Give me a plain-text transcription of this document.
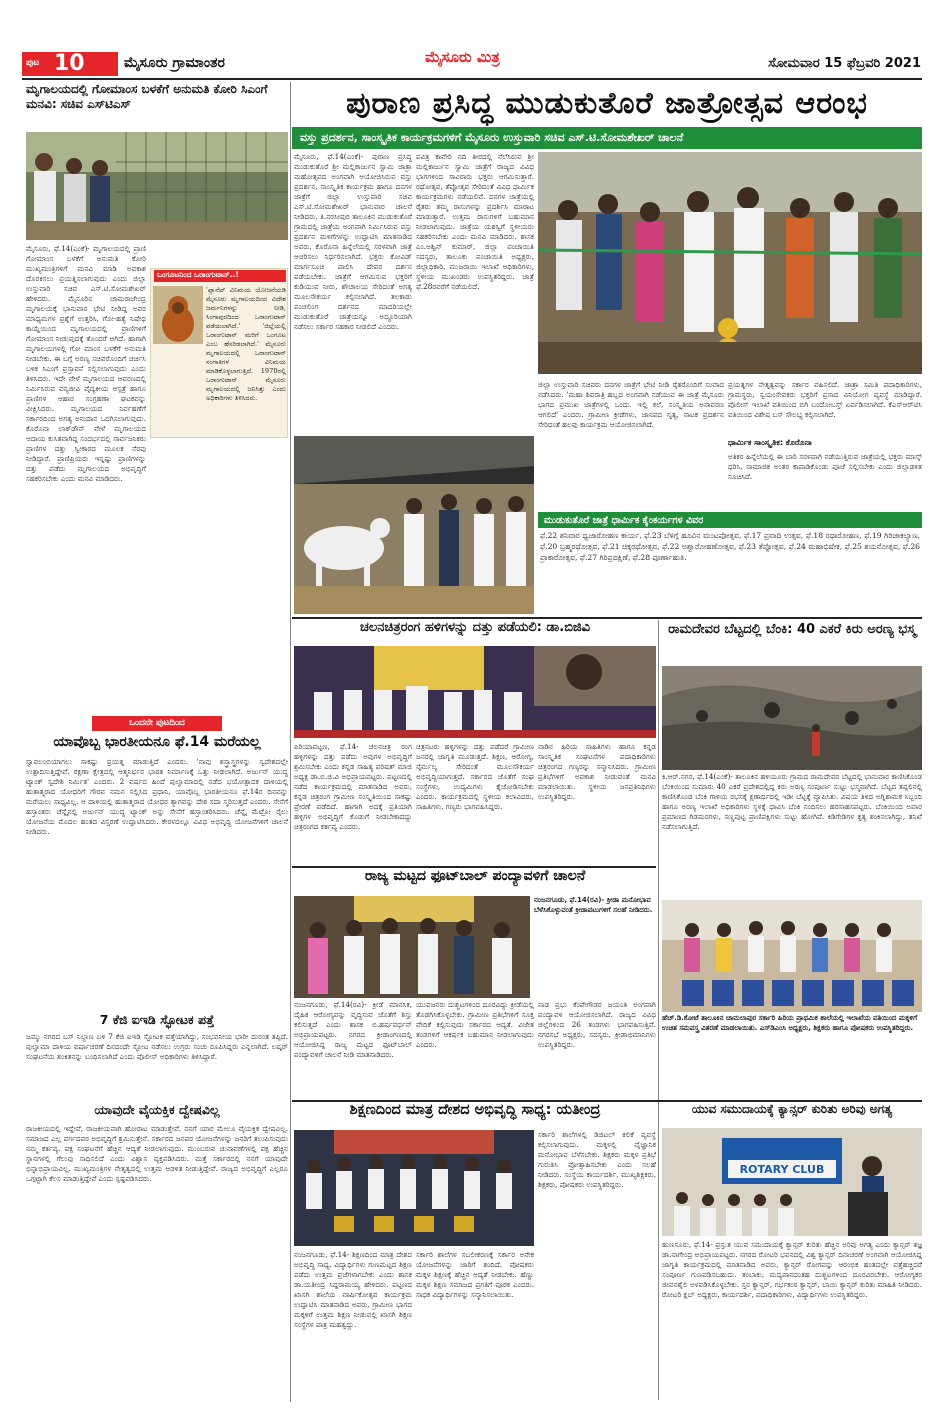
ಪುಟ 10	ಮೈಸೂರು ಗ್ರಾಮಾಂತರ	ಮೈಸೂರು ಮಿತ್ರ	ಸೋಮವಾರ 15 ಫೆಬ್ರವರಿ 2021
ಮೃಗಾಲಯದಲ್ಲಿ ಗೋಮಾಂಸ ಬಳಕೆಗೆ ಅನುಮತಿ ಕೋರಿ ಸಿಎಂಗೆ ಮನವಿ: ಸಚಿವ ಎಸ್‌ಟಿಎಸ್
ಮೈಸೂರು, ಫೆ.14(ಎಂಕೆ)- ಮೃಗಾಲಯದಲ್ಲಿ ಪ್ರಾಣಿ ಗೋಮಾಂಸ ಬಳಕೆಗೆ ಅನುಮತಿ ಕೋರಿ ಮುಖ್ಯಮಂತ್ರಿಗಳಿಗೆ ಮನವಿ ಮಾಡಿ ಅವಕಾಶ ದೊರಕಿಸಲು ಪ್ರಯತ್ನಿಸಲಾಗುವುದು ಎಂದು ಜಿಲ್ಲಾ ಉಸ್ತುವಾರಿ ಸಚಿವ ಎಸ್.ಟಿ.ಸೋಮಶೇಖರ್ ಹೇಳಿದರು. ಮೈಸೂರಿನ ಚಾಮರಾಜೇಂದ್ರ ಮೃಗಾಲಯಕ್ಕೆ ಭಾನುವಾರ ಭೇಟಿ ನೀಡಿದ್ದ ಅವರ ಮಾಧ್ಯಮಗಳ ಪ್ರಶ್ನೆಗೆ ಉತ್ತರಿಸಿ, ಗೋ-ಹತ್ಯೆ ನಿಷೇಧ ಕಾಯ್ದೆಯಿಂದ ಮೃಗಾಲಯದಲ್ಲಿ ಪ್ರಾಣಿಗಳಿಗೆ ಗೋಮಾಂಸ ನೀಡುವುದಕ್ಕೆ ತೊಂದರೆ ಆಗಿದೆ. ಹಾಗಾಗಿ ಮೃಗಾಲಯಗಳಲ್ಲಿ ಗೋ ಮಾಂಸ ಬಳಕೆಗೆ ಅನುಮತಿ ನೀಡಬೇಕು. ಈ ಬಗ್ಗೆ ಅರಣ್ಯ ಸಚಿವರೊಂದಿಗೆ ಚರ್ಚಿಸಿ ಬಳಿಕ ಸಿಎಂಗೆ ಪ್ರಸ್ತಾವನೆ ಸಲ್ಲಿಸಲಾಗುವುದು ಎಂದು ತಿಳಿಸಿದರು. ಇದೇ ವೇಳೆ ಮೃಗಾಲಯದ ಆವರಣದಲ್ಲಿ ನಿರ್ಮಿಸಿರುವ ವನ್ಯಜೀವಿ ವೈದ್ಯಕೀಯ ಆಸ್ಪತ್ರೆ ಹಾಗೂ ಪ್ರಾಣಿಗಳ ಆಹಾರ ಸಂಗ್ರಹಣಾ ಘಟಕವನ್ನು ವೀಕ್ಷಿಸಿದರು. ಮೃಗಾಲಯದ ನಿರ್ವಹಣೆಗೆ ಸರ್ಕಾರದಿಂದ ಅಗತ್ಯ ಅನುದಾನ ಒದಗಿಸಲಾಗುವುದು. ಕೊರೊನಾ ಲಾಕ್‌ಡೌನ್ ವೇಳೆ ಮೃಗಾಲಯದ ಆದಾಯ ಕುಸಿತವಾಗಿದ್ದ ಸಂದರ್ಭದಲ್ಲಿ ಸಾರ್ವಜನಿಕರು ಪ್ರಾಣಿಗಳ ದತ್ತು ಸ್ವೀಕಾರದ ಮೂಲಕ ನೆರವು ನೀಡಿದ್ದಾರೆ. ಪ್ರಾಣಿಪ್ರಿಯರು ಇನ್ನಷ್ಟು ಪ್ರಾಣಿಗಳನ್ನು ದತ್ತು ಪಡೆದು ಮೃಗಾಲಯದ ಅಭಿವೃದ್ಧಿಗೆ ಸಹಕರಿಸಬೇಕು ಎಂದು ಮನವಿ ಮಾಡಿದರು.
ಒಂಗೂಟನಿಂದ ಒರಾಂಗುಟಾನ್..!
'ಪ್ಲಾನೆಟ್ ವಿನಿಮಯ ಯೋಜನೆಯಡಿ ಮೈಸೂರು ಮೃಗಾಲಯದಿಂದ ವಿದೇಶ ಜರ್ಮನಿಗಳನ್ನು ನೀಡಿ, ಸಿಂಗಾಪುರದಿಂದ ಒರಾಂಗುಟಾನ್ ಪಡೆಯಲಾಗಿದೆ.' 'ಜಿಲ್ಲೆಯಲ್ಲಿ ಒರಾಂಗುಟಾನ್ ಮರಿಗೆ ಒಂಗೂಟ ಎಂಬ ಹೆಸರಿಡಲಾಗಿದೆ.' ಮೈಸೂರು ಮೃಗಾಲಯದಲ್ಲಿ ಒರಾಂಗುಟಾನ್ ಸಂಗಾತಿಗಳ ವಿನಿಮಯ ಮಾಡಿಕೊಳ್ಳಲಾಗುತ್ತಿದೆ. 1970ರಲ್ಲಿ ಒರಾಂಗುಟಾನ್ ಮೈಸೂರು ಮೃಗಾಲಯದಲ್ಲಿ ಜನಿಸಿತ್ತು ಎಂದು ಅಧಿಕಾರಿಗಳು ತಿಳಿಸಿದರು.
ಒಂದನೇ ಪುಟದಿಂದ
ಯಾವೊಬ್ಬ ಭಾರತೀಯನೂ ಫೆ.14 ಮರೆಯಲ್ಲ
ಸ್ವಾವಲಂಬಿಯಾಗಲು ಸಾಕಷ್ಟು ಪ್ರಯತ್ನ ಮಾಡುತ್ತಿದೆ ಎಂದರು. 'ನಾವು ಶಸ್ತ್ರಾಸ್ತ್ರಗಳನ್ನು ಸ್ವದೇಶದಲ್ಲೇ ಉತ್ಪಾದಿಸುತ್ತಿದ್ದೇವೆ. ರಕ್ಷಣಾ ಕ್ಷೇತ್ರದಲ್ಲಿ ಆತ್ಮನಿರ್ಭರ ಭಾರತ ನಿರ್ಮಾಣಕ್ಕೆ ಒತ್ತು ನೀಡಲಾಗಿದೆ. ಅರ್ಜುನ್ ಯುದ್ಧ ಟ್ಯಾಂಕ್ ಸ್ವದೇಶಿ ನಿರ್ಮಿತ' ಎಂದರು. 2 ವರ್ಷದ ಹಿಂದೆ ಪುಲ್ವಾಮಾದಲ್ಲಿ ನಡೆದ ಭಯೋತ್ಪಾದಕ ದಾಳಿಯಲ್ಲಿ ಹುತಾತ್ಮರಾದ ಯೋಧರಿಗೆ ಗೌರವ ನಮನ ಸಲ್ಲಿಸಿದ ಪ್ರಧಾನಿ, ಯಾವೊಬ್ಬ ಭಾರತೀಯನೂ ಫೆ.14ರ ದಿನವನ್ನು ಮರೆಯಲು ಸಾಧ್ಯವಿಲ್ಲ. ಆ ದಾಳಿಯಲ್ಲಿ ಹುತಾತ್ಮರಾದ ಯೋಧರ ತ್ಯಾಗವನ್ನು ದೇಶ ಸದಾ ಸ್ಮರಿಸುತ್ತದೆ ಎಂದರು. ಸೇನೆಗೆ ಹಸ್ತಾಂತರ: ಚೆನ್ನೈನಲ್ಲಿ ಅರ್ಜುನ್ ಯುದ್ಧ ಟ್ಯಾಂಕ್ ಅನ್ನು ಸೇನೆಗೆ ಹಸ್ತಾಂತರಿಸಿದರು. ಚೆನ್ನೈ ಮೆಟ್ರೋ ರೈಲು ಯೋಜನೆಯ ಮೊದಲ ಹಂತದ ವಿಸ್ತರಣೆ ಉದ್ಘಾಟಿಸಿದರು. ಕೇರಳದಲ್ಲೂ ವಿವಿಧ ಅಭಿವೃದ್ಧಿ ಯೋಜನೆಗಳಿಗೆ ಚಾಲನೆ ನೀಡಿದರು.
7 ಕೆಜಿ ಐಇಡಿ ಸ್ಫೋಟಕ ಪತ್ತೆ
ಜಮ್ಮು ನಗರದ ಬಸ್ ನಿಲ್ದಾಣ ಬಳಿ 7 ಕೆಜಿ ಐಇಡಿ ಸ್ಫೋಟಕ ಪತ್ತೆಯಾಗಿದ್ದು, ಸಂಭವನೀಯ ಭಾರೀ ದುರಂತ ತಪ್ಪಿದೆ. ಪುಲ್ವಾಮಾ ದಾಳಿಯ ವರ್ಷಾಚರಣೆ ದಿನದಂದೇ ಸ್ಫೋಟ ನಡೆಸಲು ಉಗ್ರರು ಸಂಚು ರೂಪಿಸಿದ್ದರು ಎನ್ನಲಾಗಿದೆ. ಲಷ್ಕರ್ ಸಂಘಟನೆಯ ಶಂಕಿತನನ್ನು ಬಂಧಿಸಲಾಗಿದೆ ಎಂದು ಪೊಲೀಸ್ ಅಧಿಕಾರಿಗಳು ತಿಳಿಸಿದ್ದಾರೆ.
ಯಾವುದೇ ವೈಯಕ್ತಿಕ ದ್ವೇಷವಿಲ್ಲ
ರಾಜಕೀಯದಲ್ಲಿ ಇದ್ದೇವೆ, ರಾಜಕೀಯವಾಗಿ ಹೋರಾಟ ಮಾಡುತ್ತೇವೆ. ನನಗೆ ಯಾರ ಮೇಲೂ ವೈಯಕ್ತಿಕ ದ್ವೇಷವಿಲ್ಲ. ಸಮಾಜದ ಎಲ್ಲ ವರ್ಗದವರ ಅಭಿವೃದ್ಧಿಗೆ ಶ್ರಮಿಸುತ್ತೇನೆ. ಸರ್ಕಾರದ ಜನಪರ ಯೋಜನೆಗಳನ್ನು ಜನರಿಗೆ ತಲುಪಿಸುವುದು ನಮ್ಮ ಕರ್ತವ್ಯ. ಪಕ್ಷ ಸಂಘಟನೆಗೆ ಹೆಚ್ಚಿನ ಆದ್ಯತೆ ನೀಡಲಾಗುವುದು. ಮುಂಬರುವ ಚುನಾವಣೆಗಳಲ್ಲಿ ಪಕ್ಷ ಹೆಚ್ಚಿನ ಸ್ಥಾನಗಳಲ್ಲಿ ಗೆಲುವು ಸಾಧಿಸಲಿದೆ ಎಂದು ವಿಶ್ವಾಸ ವ್ಯಕ್ತಪಡಿಸಿದರು. ಮತ್ತೆ ಸರ್ಕಾರದಲ್ಲಿ ನನಗೆ ಯಾವುದೇ ಭಿನ್ನಾಭಿಪ್ರಾಯವಿಲ್ಲ. ಮುಖ್ಯಮಂತ್ರಿಗಳ ನೇತೃತ್ವದಲ್ಲಿ ಉತ್ತಮ ಆಡಳಿತ ನೀಡುತ್ತಿದ್ದೇವೆ. ರಾಜ್ಯದ ಅಭಿವೃದ್ಧಿಗೆ ಎಲ್ಲರೂ ಒಗ್ಗಟ್ಟಾಗಿ ಕೆಲಸ ಮಾಡುತ್ತಿದ್ದೇವೆ ಎಂದು ಸ್ಪಷ್ಟಪಡಿಸಿದರು.
ಪುರಾಣ ಪ್ರಸಿದ್ಧ ಮುಡುಕುತೊರೆ ಜಾತ್ರೋತ್ಸವ ಆರಂಭ
ವಸ್ತು ಪ್ರದರ್ಶನ, ಸಾಂಸ್ಕೃತಿಕ ಕಾರ್ಯಕ್ರಮಗಳಿಗೆ ಮೈಸೂರು ಉಸ್ತುವಾರಿ ಸಚಿವ ಎಸ್.ಟಿ.ಸೋಮಶೇಖರ್ ಚಾಲನೆ
ಮೈಸೂರು, ಫೆ.14(ಎಂಕೆ)- ಪುರಾಣ ಪ್ರಸಿದ್ಧ ಮುಡುಕುತೊರೆ ಶ್ರೀ ಮಲ್ಲಿಕಾರ್ಜುನ ಸ್ವಾಮಿ ಜಾತ್ರಾ ಮಹೋತ್ಸವದ ಅಂಗವಾಗಿ ಆಯೋಜಿಸಿರುವ ವಸ್ತು ಪ್ರದರ್ಶನ, ಸಾಂಸ್ಕೃತಿಕ ಕಾರ್ಯಕ್ರಮ ಹಾಗೂ ದನಗಳ ಜಾತ್ರೆಗೆ ಜಿಲ್ಲಾ ಉಸ್ತುವಾರಿ ಸಚಿವ ಎಸ್.ಟಿ.ಸೋಮಶೇಖರ್ ಭಾನುವಾರ ಚಾಲನೆ ನೀಡಿದರು. ತಿ.ನರಸೀಪುರ ತಾಲೂಕಿನ ಮುಡುಕುತೊರೆ ಗ್ರಾಮದಲ್ಲಿ ಜಾತ್ರೆಯ ಅಂಗವಾಗಿ ನಿರ್ಮಿಸಿರುವ ವಸ್ತು ಪ್ರದರ್ಶನ ಮಳಿಗೆಗಳನ್ನು ಉದ್ಘಾಟಿಸಿ ಮಾತನಾಡಿದ ಅವರು, ಕೊರೊನಾ ಹಿನ್ನೆಲೆಯಲ್ಲಿ ಸರಳವಾಗಿ ಜಾತ್ರೆ ಆಚರಿಸಲು ನಿರ್ಧರಿಸಲಾಗಿದೆ. ಭಕ್ತರು ಕೋವಿಡ್ ಮಾರ್ಗಸೂಚಿ ಪಾಲಿಸಿ ದೇವರ ದರ್ಶನ ಪಡೆಯಬೇಕು. ಜಾತ್ರೆಗೆ ಆಗಮಿಸುವ ಭಕ್ತರಿಗೆ ಕುಡಿಯುವ ನೀರು, ಶೌಚಾಲಯ ಸೇರಿದಂತೆ ಅಗತ್ಯ ಮೂಲಸೌಕರ್ಯ ಕಲ್ಪಿಸಲಾಗಿದೆ. ತಲಕಾಡು ಪಂಚಲಿಂಗ ದರ್ಶನದ ಮಾದರಿಯಲ್ಲೇ ಮುಡುಕುತೊರೆ ಜಾತ್ರೆಯನ್ನೂ ಅದ್ದೂರಿಯಾಗಿ ನಡೆಸಲು ಸರ್ಕಾರ ಸಹಕಾರ ನೀಡಲಿದೆ ಎಂದರು.
ಪವಿತ್ರ ಕಾವೇರಿ ನದಿ ತೀರದಲ್ಲಿ ನೆಲೆಸಿರುವ ಶ್ರೀ ಮಲ್ಲಿಕಾರ್ಜುನ ಸ್ವಾಮಿ ಜಾತ್ರೆಗೆ ರಾಜ್ಯದ ವಿವಿಧ ಭಾಗಗಳಿಂದ ಸಾವಿರಾರು ಭಕ್ತರು ಆಗಮಿಸುತ್ತಾರೆ. ರಥೋತ್ಸವ, ತೆಪ್ಪೋತ್ಸವ ಸೇರಿದಂತೆ ವಿವಿಧ ಧಾರ್ಮಿಕ ಕಾರ್ಯಕ್ರಮಗಳು ನಡೆಯಲಿವೆ. ದನಗಳ ಜಾತ್ರೆಯಲ್ಲಿ ರೈತರು ತಮ್ಮ ರಾಸುಗಳನ್ನು ಪ್ರದರ್ಶಿಸಿ ಮಾರಾಟ ಮಾಡುತ್ತಾರೆ. ಉತ್ತಮ ರಾಸುಗಳಿಗೆ ಬಹುಮಾನ ನೀಡಲಾಗುವುದು. ಜಾತ್ರೆಯ ಯಶಸ್ವಿಗೆ ಸ್ಥಳೀಯರು ಸಹಕರಿಸಬೇಕು ಎಂದು ಮನವಿ ಮಾಡಿದರು. ಶಾಸಕ ಎಂ.ಅಶ್ವಿನ್ ಕುಮಾರ್, ಜಿಲ್ಲಾ ಪಂಚಾಯಿತಿ ಸದಸ್ಯರು, ತಾಲೂಕು ಪಂಚಾಯಿತಿ ಅಧ್ಯಕ್ಷರು, ಜಿಲ್ಲಾಧಿಕಾರಿ, ಮುಜರಾಯಿ ಇಲಾಖೆ ಅಧಿಕಾರಿಗಳು, ಸ್ಥಳೀಯ ಮುಖಂಡರು ಉಪಸ್ಥಿತರಿದ್ದರು. ಜಾತ್ರೆ ಫೆ.28ರವರೆಗೆ ನಡೆಯಲಿದೆ.
ಜಿಲ್ಲಾ ಉಸ್ತುವಾರಿ ಸಚಿವರು ದನಗಳ ಜಾತ್ರೆಗೆ ಭೇಟಿ ನೀಡಿ ರೈತರೊಂದಿಗೆ ಸಂವಾದ ನಡೆಸಿದರು. 'ಮಹಾ ಶಿವರಾತ್ರಿ ಹಬ್ಬದ ಅಂಗವಾಗಿ ನಡೆಯುವ ಈ ಜಾತ್ರೆ ಮೈಸೂರು ಭಾಗದ ಪ್ರಮುಖ ಜಾತ್ರೆಗಳಲ್ಲಿ ಒಂದು. ಇಲ್ಲಿ ಕಲೆ, ಸಂಸ್ಕೃತಿಯ ಅನಾವರಣ ಆಗಲಿದೆ' ಎಂದರು. ಗ್ರಾಮೀಣ ಕ್ರೀಡೆಗಳು, ಜಾನಪದ ನೃತ್ಯ, ನಾಟಕ ಪ್ರದರ್ಶನ ಸೇರಿದಂತೆ ಹಲವು ಕಾರ್ಯಕ್ರಮ ಆಯೋಜಿಸಲಾಗಿದೆ.
ಪ್ರಯತ್ನಗಳ ನೇತೃತ್ವವನ್ನು ಸರ್ಕಾರ ವಹಿಸಲಿದೆ. ಜಾತ್ರಾ ಸಮಿತಿ ಪದಾಧಿಕಾರಿಗಳು, ಗ್ರಾಮಸ್ಥರು, ಸ್ವಯಂಸೇವಕರು ಭಕ್ತರಿಗೆ ಪ್ರಸಾದ ವಿನಿಯೋಗ ವ್ಯವಸ್ಥೆ ಮಾಡಿದ್ದಾರೆ. ಪೊಲೀಸ್ ಇಲಾಖೆ ವತಿಯಿಂದ ಬಿಗಿ ಬಂದೋಬಸ್ತ್ ಏರ್ಪಡಿಸಲಾಗಿದೆ. ಕೆಎಸ್‌ಆರ್‌ಟಿಸಿ ವತಿಯಿಂದ ವಿಶೇಷ ಬಸ್ ಸೌಲಭ್ಯ ಕಲ್ಪಿಸಲಾಗಿದೆ.
ಧಾರ್ಮಿಕ ಸಾಂಸ್ಕೃತಿಕ: ಕೊರೊನಾ
ಅತಿಕರ ಹಿನ್ನೆಲೆಯಲ್ಲಿ ಈ ಬಾರಿ ಸರಳವಾಗಿ ನಡೆಯುತ್ತಿರುವ ಜಾತ್ರೆಯಲ್ಲಿ ಭಕ್ತರು ಮಾಸ್ಕ್ ಧರಿಸಿ, ಸಾಮಾಜಿಕ ಅಂತರ ಕಾಪಾಡಿಕೊಂಡು ಪೂಜೆ ಸಲ್ಲಿಸಬೇಕು ಎಂದು ಜಿಲ್ಲಾಡಳಿತ ಸೂಚಿಸಿದೆ.
ಮುಡುಕುತೊರೆ ಜಾತ್ರೆ ಧಾರ್ಮಿಕ ಕೈಂಕರ್ಯಗಳ ವಿವರ
ಫೆ.22 ಶನಿವಾರ ಧ್ವಜಾರೋಹಣ ಕಾರ್ಯ, ಫೆ.23 ಬೆಳಿಗ್ಗೆ ಹೂವಿನ ಮಂಟಪೋತ್ಸವ, ಫೆ.17 ಪ್ರವಾದಿ ಉತ್ಸವ, ಫೆ.18 ರಥಾರೋಹಣ, ಫೆ.19 ಗಿರಿಜಾಕಲ್ಯಾಣ, ಫೆ.20 ಬ್ರಹ್ಮರಥೋತ್ಸವ, ಫೆ.21 ಚಿಕ್ಕರಥೋತ್ಸವ, ಫೆ.22 ಅಶ್ವಾರೋಹಣೋತ್ಸವ, ಫೆ.23 ತೆಪ್ಪೋತ್ಸವ, ಫೆ.24 ಮಹಾಭಿಷೇಕ, ಫೆ.25 ಶಯನೋತ್ಸವ, ಫೆ.26 ಪ್ರಾಕಾರೋತ್ಸವ, ಫೆ.27 ಗಿರಿಪ್ರದಕ್ಷಿಣೆ, ಫೆ.28 ಪೂರ್ಣಾಹುತಿ.
ಚಲನಚಿತ್ರರಂಗ ಹಳಿಗಳನ್ನು ದತ್ತು ಪಡೆಯಲಿ: ಡಾ.ಬಿಜಿವಿ
ಪಿರಿಯಾಪಟ್ಟಣ, ಫೆ.14- ಚಲನಚಿತ್ರ ರಂಗ ಹಳ್ಳಿಗಳನ್ನು ದತ್ತು ಪಡೆದು ಅವುಗಳ ಅಭಿವೃದ್ಧಿಗೆ ಶ್ರಮಿಸಬೇಕು ಎಂದು ಕನ್ನಡ ಸಾಹಿತ್ಯ ಪರಿಷತ್ ಮಾಜಿ ಅಧ್ಯಕ್ಷ ಡಾ.ಬಿ.ಜಿ.ವಿ ಅಭಿಪ್ರಾಯಪಟ್ಟರು. ಪಟ್ಟಣದಲ್ಲಿ ನಡೆದ ಕಾರ್ಯಕ್ರಮದಲ್ಲಿ ಮಾತನಾಡಿದ ಅವರು, ಕನ್ನಡ ಚಿತ್ರರಂಗ ಗ್ರಾಮೀಣ ಸಂಸ್ಕೃತಿಯಿಂದ ಸಾಕಷ್ಟು ಪ್ರೇರಣೆ ಪಡೆದಿದೆ. ಹಾಗಾಗಿ ಅದಕ್ಕೆ ಪ್ರತಿಯಾಗಿ ಹಳ್ಳಿಗಳ ಅಭಿವೃದ್ಧಿಗೆ ಕೊಡುಗೆ ನೀಡಬೇಕಾದದ್ದು ಚಿತ್ರರಂಗದ ಕರ್ತವ್ಯ ಎಂದರು.
ಚಿತ್ರನಟರು ಹಳ್ಳಿಗಳನ್ನು ದತ್ತು ಪಡೆದರೆ ಗ್ರಾಮೀಣ ಜನರಲ್ಲಿ ಜಾಗೃತಿ ಮೂಡುತ್ತದೆ. ಶಿಕ್ಷಣ, ಆರೋಗ್ಯ, ನೈರ್ಮಲ್ಯ ಸೇರಿದಂತೆ ಮೂಲಸೌಕರ್ಯ ಅಭಿವೃದ್ಧಿಯಾಗುತ್ತದೆ. ಸರ್ಕಾರದ ಜೊತೆಗೆ ಸಂಘ ಸಂಸ್ಥೆಗಳು, ಉದ್ಯಮಿಗಳು ಕೈಜೋಡಿಸಬೇಕು ಎಂದರು. ಕಾರ್ಯಕ್ರಮದಲ್ಲಿ ಸ್ಥಳೀಯ ಕಲಾವಿದರು, ಸಾಹಿತಿಗಳು, ಗಣ್ಯರು ಭಾಗವಹಿಸಿದ್ದರು.
ನಾಡಿನ ಹಿರಿಯ ಸಾಹಿತಿಗಳು ಹಾಗೂ ಕನ್ನಡ ಸಾಂಸ್ಕೃತಿಕ ಸಂಘಟನೆಗಳ ಪದಾಧಿಕಾರಿಗಳು ಚಿತ್ರರಂಗದ ಗಣ್ಯರನ್ನು ಸನ್ಮಾನಿಸಿದರು. ಗ್ರಾಮೀಣ ಪ್ರತಿಭೆಗಳಿಗೆ ಅವಕಾಶ ನೀಡುವಂತೆ ಮನವಿ ಮಾಡಲಾಯಿತು. ಸ್ಥಳೀಯ ಜನಪ್ರತಿನಿಧಿಗಳು ಉಪಸ್ಥಿತರಿದ್ದರು.
ರಾಮದೇವರ ಬೆಟ್ಟದಲ್ಲಿ ಬೆಂಕಿ: 40 ಎಕರೆ ಕಿರು ಅರಣ್ಯ ಭಸ್ಮ
ಕಿ.ಆರ್.ನಗರ, ಫೆ.14(ಎಂಕೆ)- ತಾಲೂಕಿನ ಹಳಿಯೂರು ಗ್ರಾಮದ ರಾಮದೇವರ ಬೆಟ್ಟದಲ್ಲಿ ಭಾನುವಾರ ಕಾಣಿಸಿಕೊಂಡ ಬೆಂಕಿಯಿಂದ ಸುಮಾರು 40 ಎಕರೆ ಪ್ರದೇಶದಲ್ಲಿದ್ದ ಕಿರು ಅರಣ್ಯ ಸಂಪೂರ್ಣ ಸುಟ್ಟು ಭಸ್ಮವಾಗಿದೆ. ಬೆಟ್ಟದ ತಪ್ಪಲಿನಲ್ಲಿ ಕಾಣಿಸಿಕೊಂಡ ಬೆಂಕಿ ಗಾಳಿಯ ರಭಸಕ್ಕೆ ಕ್ಷಣಾರ್ಧದಲ್ಲಿ ಇಡೀ ಬೆಟ್ಟಕ್ಕೆ ವ್ಯಾಪಿಸಿತು. ವಿಷಯ ತಿಳಿದ ಅಗ್ನಿಶಾಮಕ ಸಿಬ್ಬಂದಿ ಹಾಗೂ ಅರಣ್ಯ ಇಲಾಖೆ ಅಧಿಕಾರಿಗಳು ಸ್ಥಳಕ್ಕೆ ಧಾವಿಸಿ ಬೆಂಕಿ ನಂದಿಸಲು ಹರಸಾಹಸಪಟ್ಟರು. ಬೆಂಕಿಯಿಂದ ಅಪಾರ ಪ್ರಮಾಣದ ಗಿಡಮರಗಳು, ಸಣ್ಣಪುಟ್ಟ ಪ್ರಾಣಿಪಕ್ಷಿಗಳು ಸುಟ್ಟು ಹೋಗಿವೆ. ಕಿಡಿಗೇಡಿಗಳ ಕೃತ್ಯ ಶಂಕಿಸಲಾಗಿದ್ದು, ತನಿಖೆ ನಡೆಸಲಾಗುತ್ತಿದೆ.
ಹೆಚ್.ಡಿ.ಕೋಟೆ ತಾಲೂಕಿನ ಚಾಮಲಾಪುರ ಸರ್ಕಾರಿ ಹಿರಿಯ ಪ್ರಾಥಮಿಕ ಶಾಲೆಯಲ್ಲಿ ಇಲಾಖೆಯ ವತಿಯಿಂದ ಮಕ್ಕಳಿಗೆ ಉಚಿತ ಸಮವಸ್ತ್ರ ವಿತರಣೆ ಮಾಡಲಾಯಿತು. ಎಸ್‌ಡಿಎಂಸಿ ಅಧ್ಯಕ್ಷರು, ಶಿಕ್ಷಕರು ಹಾಗೂ ಪೋಷಕರು ಉಪಸ್ಥಿತರಿದ್ದರು.
ರಾಜ್ಯ ಮಟ್ಟದ ಫೂಟ್‌ಬಾಲ್ ಪಂದ್ಯಾವಳಿಗೆ ಚಾಲನೆ
ನಂಜನಗೂಡು, ಫೆ.14(ರವಿ)- ಕ್ರೀಡಾ ಮನೋಭಾವ ಬೆಳೆಸಿಕೊಳ್ಳುವಂತೆ ಕ್ರೀಡಾಪಟುಗಳಿಗೆ ಸಲಹೆ ನೀಡಿದರು.
ನಂಜನಗೂಡು, ಫೆ.14(ರವಿ)- ಕ್ರೀಡೆ ಮಾನಸಿಕ, ದೈಹಿಕ ಆರೋಗ್ಯವನ್ನು ವೃದ್ಧಿಸುವ ಜೊತೆಗೆ ಶಿಸ್ತು ಕಲಿಸುತ್ತದೆ ಎಂದು ಶಾಸಕ ಬಿ.ಹರ್ಷವರ್ಧನ್ ಅಭಿಪ್ರಾಯಪಟ್ಟರು. ನಗರದ ಕ್ರೀಡಾಂಗಣದಲ್ಲಿ ಆಯೋಜಿಸಿದ್ದ ರಾಜ್ಯ ಮಟ್ಟದ ಫೂಟ್‌ಬಾಲ್ ಪಂದ್ಯಾವಳಿಗೆ ಚಾಲನೆ ನೀಡಿ ಮಾತನಾಡಿದರು.
ಯುವಜನರು ದುಶ್ಚಟಗಳಿಂದ ದೂರವಿದ್ದು ಕ್ರೀಡೆಯಲ್ಲಿ ತೊಡಗಿಸಿಕೊಳ್ಳಬೇಕು. ಗ್ರಾಮೀಣ ಪ್ರತಿಭೆಗಳಿಗೆ ಸೂಕ್ತ ವೇದಿಕೆ ಕಲ್ಪಿಸುವುದು ಸರ್ಕಾರದ ಆದ್ಯತೆ. ವಿಜೇತ ತಂಡಗಳಿಗೆ ಆಕರ್ಷಕ ಬಹುಮಾನ ನೀಡಲಾಗುವುದು ಎಂದರು.
ನಾಡ ಪ್ರಭು ಕೆಂಪೇಗೌಡರ ಜಯಂತಿ ಅಂಗವಾಗಿ ಪಂದ್ಯಾವಳಿ ಆಯೋಜಿಸಲಾಗಿದೆ. ರಾಜ್ಯದ ವಿವಿಧ ಜಿಲ್ಲೆಗಳಿಂದ 26 ತಂಡಗಳು ಭಾಗವಹಿಸುತ್ತಿವೆ. ನಗರಸಭೆ ಅಧ್ಯಕ್ಷರು, ಸದಸ್ಯರು, ಕ್ರೀಡಾಭಿಮಾನಿಗಳು ಉಪಸ್ಥಿತರಿದ್ದರು.
ಶಿಕ್ಷಣದಿಂದ ಮಾತ್ರ ದೇಶದ ಅಭಿವೃದ್ಧಿ ಸಾಧ್ಯ: ಯತೀಂದ್ರ
ನಂಜನಗೂಡು, ಫೆ.14- ಶಿಕ್ಷಣದಿಂದ ಮಾತ್ರ ದೇಶದ ಅಭಿವೃದ್ಧಿ ಸಾಧ್ಯ. ವಿದ್ಯಾರ್ಥಿಗಳು ಗುಣಮಟ್ಟದ ಶಿಕ್ಷಣ ಪಡೆದು ಉತ್ತಮ ಪ್ರಜೆಗಳಾಗಬೇಕು ಎಂದು ಶಾಸಕ ಡಾ.ಯತೀಂದ್ರ ಸಿದ್ದರಾಮಯ್ಯ ಹೇಳಿದರು. ಪಟ್ಟಣದ ಖಾಸಗಿ ಶಾಲೆಯ ವಾರ್ಷಿಕೋತ್ಸವ ಕಾರ್ಯಕ್ರಮ ಉದ್ಘಾಟಿಸಿ ಮಾತನಾಡಿದ ಅವರು, ಗ್ರಾಮೀಣ ಭಾಗದ ಮಕ್ಕಳಿಗೆ ಉತ್ತಮ ಶಿಕ್ಷಣ ನೀಡುವಲ್ಲಿ ಖಾಸಗಿ ಶಿಕ್ಷಣ ಸಂಸ್ಥೆಗಳ ಪಾತ್ರ ಮಹತ್ವದ್ದು.
ಸರ್ಕಾರಿ ಶಾಲೆಗಳ ಸಬಲೀಕರಣಕ್ಕೆ ಸರ್ಕಾರ ಅನೇಕ ಯೋಜನೆಗಳನ್ನು ಜಾರಿಗೆ ತಂದಿದೆ. ಪೋಷಕರು ಮಕ್ಕಳ ಶಿಕ್ಷಣಕ್ಕೆ ಹೆಚ್ಚಿನ ಆದ್ಯತೆ ನೀಡಬೇಕು. ಹೆಣ್ಣು ಮಕ್ಕಳ ಶಿಕ್ಷಣ ಸಮಾಜದ ಪ್ರಗತಿಗೆ ಪೂರಕ ಎಂದರು. ಸಾಧಕ ವಿದ್ಯಾರ್ಥಿಗಳನ್ನು ಸನ್ಮಾನಿಸಲಾಯಿತು.
ಸರ್ಕಾರಿ ಶಾಲೆಗಳಲ್ಲಿ ಡಿಜಿಟಲ್ ಕಲಿಕೆ ವ್ಯವಸ್ಥೆ ಕಲ್ಪಿಸಲಾಗುವುದು. ಮಕ್ಕಳಲ್ಲಿ ವೈಜ್ಞಾನಿಕ ಮನೋಭಾವ ಬೆಳೆಸಬೇಕು. ಶಿಕ್ಷಕರು ಮಕ್ಕಳ ಪ್ರತಿಭೆ ಗುರುತಿಸಿ ಪ್ರೋತ್ಸಾಹಿಸಬೇಕು ಎಂದು ಸಲಹೆ ನೀಡಿದರು. ಸಂಸ್ಥೆಯ ಕಾರ್ಯದರ್ಶಿ, ಮುಖ್ಯಶಿಕ್ಷಕರು, ಶಿಕ್ಷಕರು, ಪೋಷಕರು ಉಪಸ್ಥಿತರಿದ್ದರು.
ಯುವ ಸಮುದಾಯಕ್ಕೆ ಕ್ಯಾನ್ಸರ್ ಕುರಿತು ಅರಿವು ಅಗತ್ಯ
ROTARY CLUB
ಹುಣಸೂರು, ಫೆ.14- ಪ್ರಸ್ತುತ ಯುವ ಸಮುದಾಯಕ್ಕೆ ಕ್ಯಾನ್ಸರ್ ಕುರಿತು ಹೆಚ್ಚಿನ ಅರಿವು ಅಗತ್ಯ ಎಂದು ಕ್ಯಾನ್ಸರ್ ತಜ್ಞ ಡಾ.ನಾಗೇಂದ್ರ ಅಭಿಪ್ರಾಯಪಟ್ಟರು. ನಗರದ ರೋಟರಿ ಭವನದಲ್ಲಿ ವಿಶ್ವ ಕ್ಯಾನ್ಸರ್ ದಿನಾಚರಣೆ ಅಂಗವಾಗಿ ಆಯೋಜಿಸಿದ್ದ ಜಾಗೃತಿ ಕಾರ್ಯಕ್ರಮದಲ್ಲಿ ಮಾತನಾಡಿದ ಅವರು, ಕ್ಯಾನ್ಸರ್ ರೋಗವನ್ನು ಆರಂಭಿಕ ಹಂತದಲ್ಲೇ ಪತ್ತೆಹಚ್ಚಿದರೆ ಸಂಪೂರ್ಣ ಗುಣಪಡಿಸಬಹುದು. ತಂಬಾಕು, ಮದ್ಯಪಾನದಂತಹ ದುಶ್ಚಟಗಳಿಂದ ದೂರವಿರಬೇಕು. ಆರೋಗ್ಯಕರ ಜೀವನಶೈಲಿ ಅಳವಡಿಸಿಕೊಳ್ಳಬೇಕು. ಸ್ತನ ಕ್ಯಾನ್ಸರ್, ಗರ್ಭಕಂಠ ಕ್ಯಾನ್ಸರ್, ಬಾಯಿ ಕ್ಯಾನ್ಸರ್ ಕುರಿತು ಮಾಹಿತಿ ನೀಡಿದರು. ರೋಟರಿ ಕ್ಲಬ್ ಅಧ್ಯಕ್ಷರು, ಕಾರ್ಯದರ್ಶಿ, ಪದಾಧಿಕಾರಿಗಳು, ವಿದ್ಯಾರ್ಥಿಗಳು ಉಪಸ್ಥಿತರಿದ್ದರು.
